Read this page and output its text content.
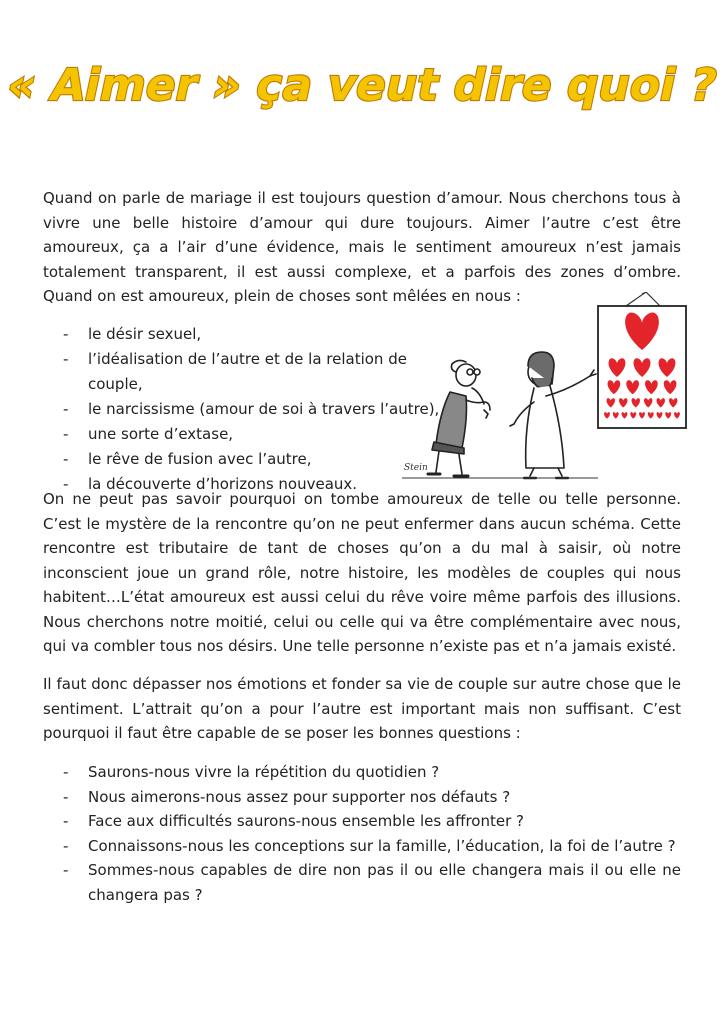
« Aimer » ça veut dire quoi ?

Quand on parle de mariage il est toujours question d’amour. Nous cherchons tous à vivre une belle histoire d’amour qui dure toujours. Aimer l’autre c’est être amoureux, ça a l’air d’une évidence, mais le sentiment amoureux n’est jamais totalement transparent, il est aussi complexe, et a parfois des zones d’ombre. Quand on est amoureux, plein de choses sont mêlées en nous :

- le désir sexuel,
- l’idéalisation de l’autre et de la relation de couple,
- le narcissisme (amour de soi à travers l’autre),
- une sorte d’extase,
- le rêve de fusion avec l’autre,
- la découverte d’horizons nouveaux.
Stein

On ne peut pas savoir pourquoi on tombe amoureux de telle ou telle personne. C’est le mystère de la rencontre qu’on ne peut enfermer dans aucun schéma. Cette rencontre est tributaire de tant de choses qu’on a du mal à saisir, où notre inconscient joue un grand rôle, notre histoire, les modèles de couples qui nous habitent…L’état amoureux est aussi celui du rêve voire même parfois des illusions. Nous cherchons notre moitié, celui ou celle qui va être complémentaire avec nous, qui va combler tous nos désirs. Une telle personne n’existe pas et n’a jamais existé.

Il faut donc dépasser nos émotions et fonder sa vie de couple sur autre chose que le sentiment. L’attrait qu’on a pour l’autre est important mais non suffisant. C’est pourquoi il faut être capable de se poser les bonnes questions :

- Saurons-nous vivre la répétition du quotidien ?
- Nous aimerons-nous assez pour supporter nos défauts ?
- Face aux difficultés saurons-nous ensemble les affronter ?
- Connaissons-nous les conceptions sur la famille, l’éducation, la foi de l’autre ?
- Sommes-nous capables de dire non pas il ou elle changera mais il ou elle ne changera pas ?
